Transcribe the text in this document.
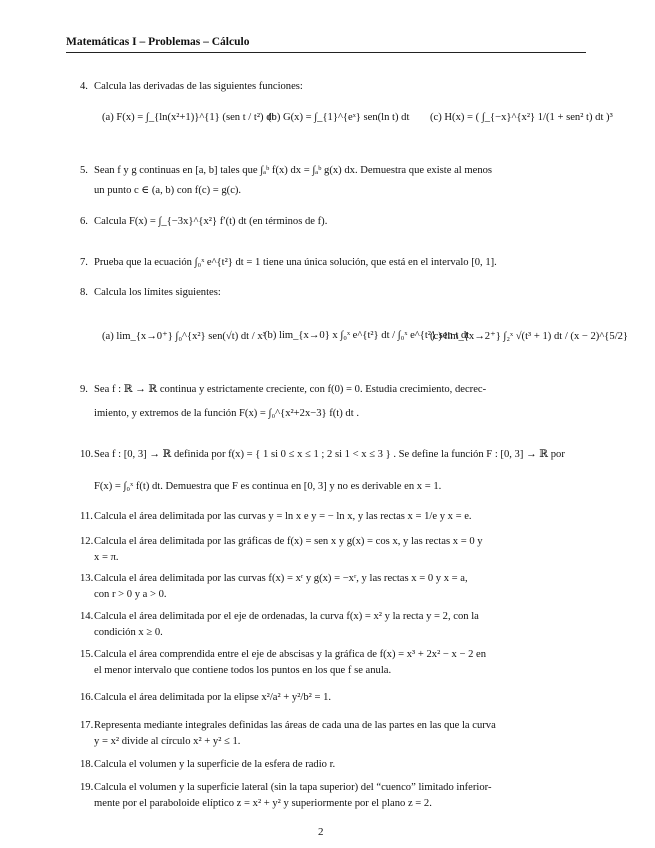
Matemáticas I – Problemas – Cálculo
4. Calcula las derivadas de las siguientes funciones:
(a) F(x) = ∫_{ln(x²+1)}^{1} (sen t / t²) dt
(b) G(x) = ∫_{1}^{eˣ} sen(ln t) dt (c) H(x) = ( ∫_{−x}^{x²} 1/(1 + sen² t) dt )³
5. Sean f y g continuas en [a, b] tales que ∫ₐᵇ f(x) dx = ∫ₐᵇ g(x) dx. Demuestra que existe al menos
un punto c ∈ (a, b) con f(c) = g(c).
6. Calcula F(x) = ∫_{−3x}^{x²} f′(t) dt (en términos de f).
7. Prueba que la ecuación ∫₀ˣ e^{t²} dt = 1 tiene una única solución, que está en el intervalo [0, 1].
8. Calcula los límites siguientes:
(a) lim_{x→0⁺} ∫₀^{x²} sen(√t) dt / x³
(b) lim_{x→0} x ∫₀ˣ e^{t²} dt / ∫₀ˣ e^{t²} sen t dt
(c) lim_{x→2⁺} ∫₂ˣ √(t³ + 1) dt / (x − 2)^{5/2}
9. Sea f : ℝ → ℝ continua y estrictamente creciente, con f(0) = 0. Estudia crecimiento, decrec-
imiento, y extremos de la función F(x) = ∫₀^{x²+2x−3} f(t) dt .
10. Sea f : [0, 3] → ℝ definida por f(x) = { 1 si 0 ≤ x ≤ 1 ; 2 si 1 < x ≤ 3 } . Se define la función F : [0, 3] → ℝ por
F(x) = ∫₀ˣ f(t) dt. Demuestra que F es continua en [0, 3] y no es derivable en x = 1.
11. Calcula el área delimitada por las curvas y = ln x e y = − ln x, y las rectas x = 1/e y x = e.
12. Calcula el área delimitada por las gráficas de f(x) = sen x y g(x) = cos x, y las rectas x = 0 y
x = π.
13. Calcula el área delimitada por las curvas f(x) = xʳ y g(x) = −xʳ, y las rectas x = 0 y x = a,
con r > 0 y a > 0.
14. Calcula el área delimitada por el eje de ordenadas, la curva f(x) = x² y la recta y = 2, con la
condición x ≥ 0.
15. Calcula el área comprendida entre el eje de abscisas y la gráfica de f(x) = x³ + 2x² − x − 2 en
el menor intervalo que contiene todos los puntos en los que f se anula.
16. Calcula el área delimitada por la elipse x²/a² + y²/b² = 1.
17. Representa mediante integrales definidas las áreas de cada una de las partes en las que la curva
y = x² divide al círculo x² + y² ≤ 1.
18. Calcula el volumen y la superficie de la esfera de radio r.
19. Calcula el volumen y la superficie lateral (sin la tapa superior) del “cuenco” limitado inferior-
mente por el paraboloide elíptico z = x² + y² y superiormente por el plano z = 2.
2
